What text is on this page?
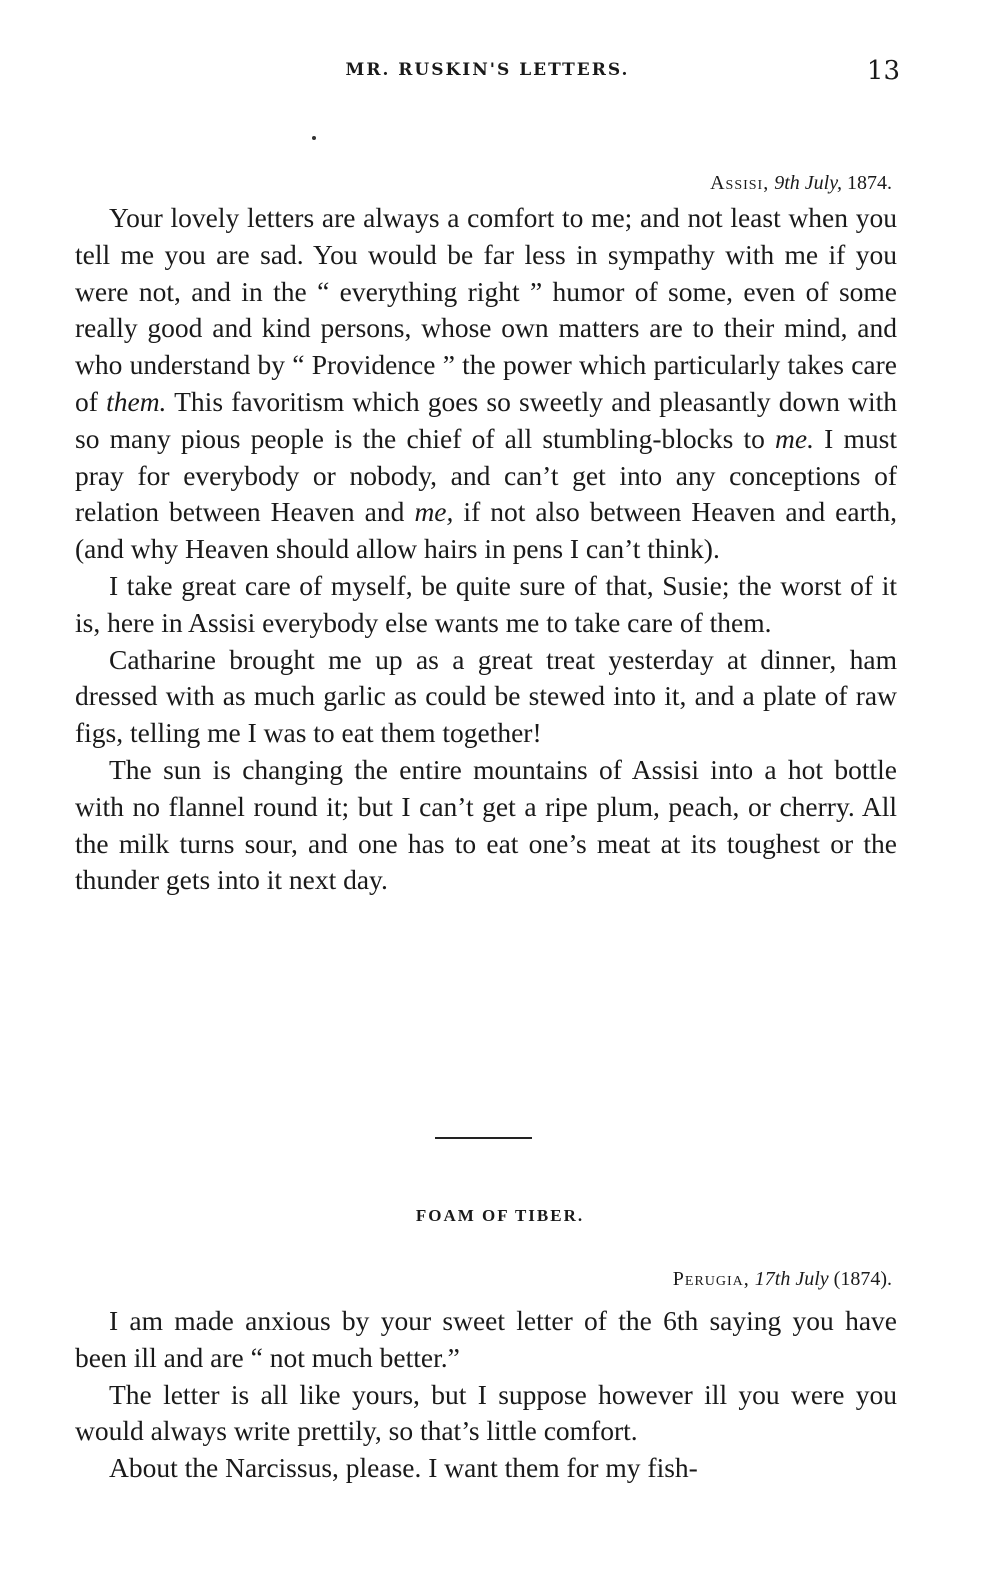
MR. RUSKIN'S LETTERS.	13
Assisi, 9th July, 1874.

Your lovely letters are always a comfort to me; and not least when you tell me you are sad. You would be far less in sympathy with me if you were not, and in the “ everything right ” humor of some, even of some really good and kind persons, whose own matters are to their mind, and who understand by “ Providence ” the power which particularly takes care of them. This favoritism which goes so sweetly and pleasantly down with so many pious people is the chief of all stumbling-blocks to me. I must pray for everybody or nobody, and can’t get into any conceptions of relation between Heaven and me, if not also between Heaven and earth, (and why Heaven should allow hairs in pens I can’t think).

I take great care of myself, be quite sure of that, Susie; the worst of it is, here in Assisi everybody else wants me to take care of them.

Catharine brought me up as a great treat yesterday at dinner, ham dressed with as much garlic as could be stewed into it, and a plate of raw figs, telling me I was to eat them together!

The sun is changing the entire mountains of Assisi into a hot bottle with no flannel round it; but I can’t get a ripe plum, peach, or cherry. All the milk turns sour, and one has to eat one’s meat at its toughest or the thunder gets into it next day.

FOAM OF TIBER.
Perugia, 17th July (1874).

I am made anxious by your sweet letter of the 6th saying you have been ill and are “ not much better.”

The letter is all like yours, but I suppose however ill you were you would always write prettily, so that’s little comfort.

About the Narcissus, please. I want them for my fish-
